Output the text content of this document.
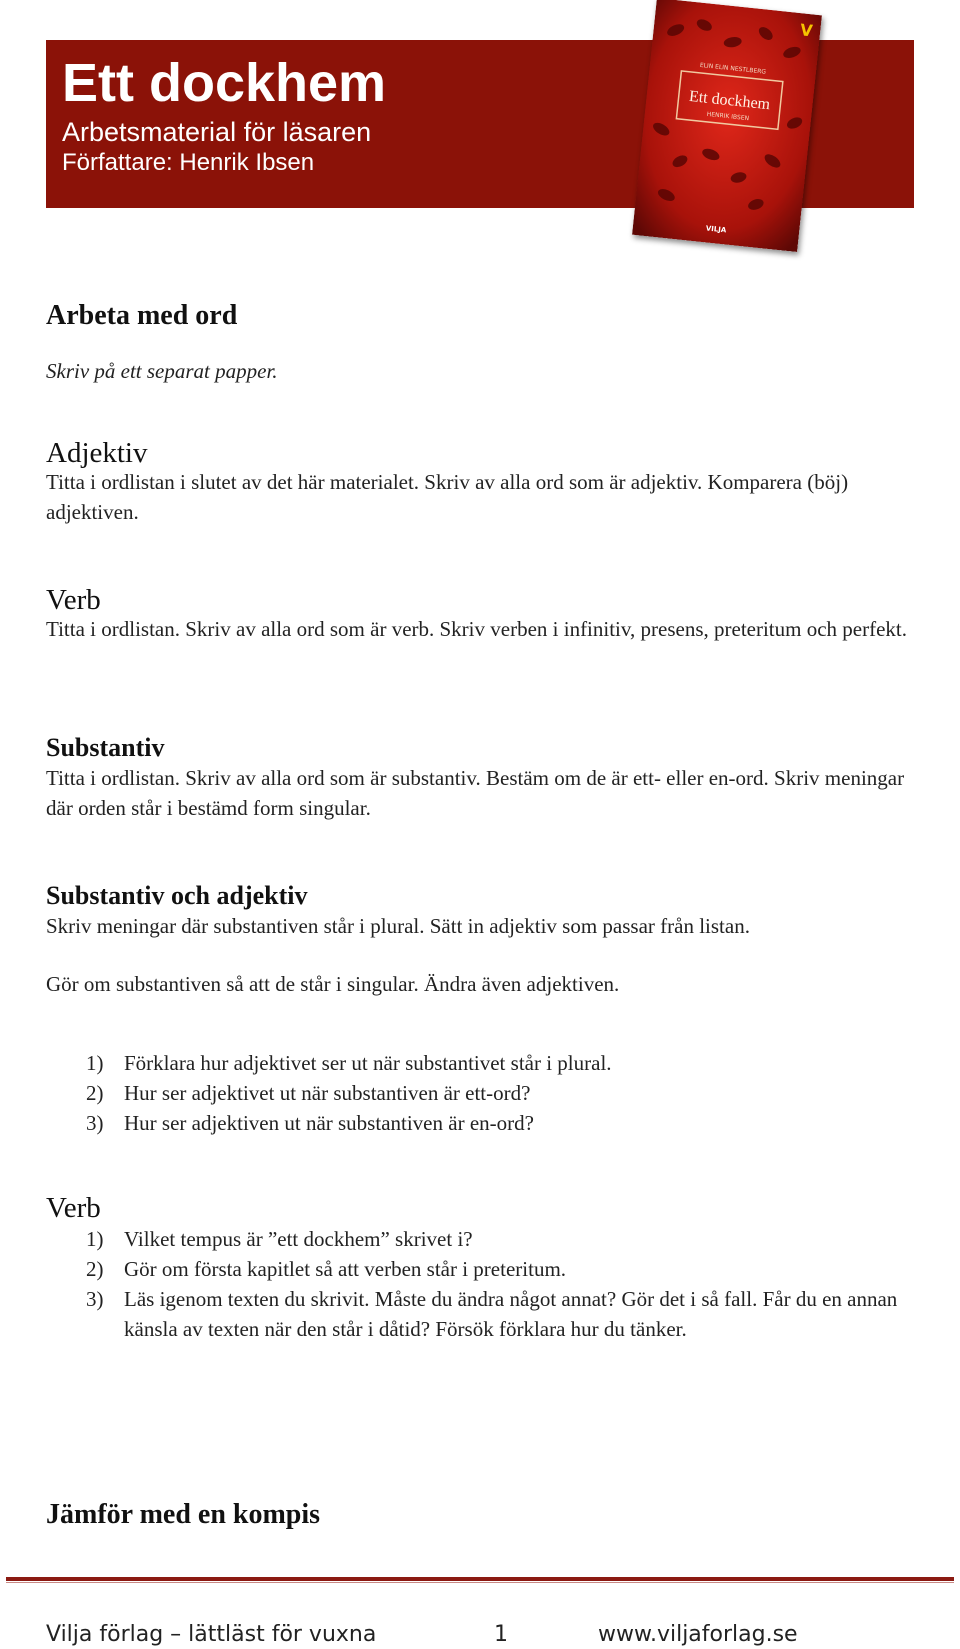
Ett dockhem
Arbetsmaterial för läsaren
Författare: Henrik Ibsen
ELIN ELIN NESTLBERG
Ett dockhem
HENRIK IBSEN
VILJA
V
Arbeta med ord

Skriv på ett separat papper.

Adjektiv

Titta i ordlistan i slutet av det här materialet. Skriv av alla ord som är adjektiv. Komparera (böj) adjektiven.

Verb

Titta i ordlistan. Skriv av alla ord som är verb. Skriv verben i infinitiv, presens, preteritum och perfekt.

Substantiv

Titta i ordlistan. Skriv av alla ord som är substantiv. Bestäm om de är ett- eller en-ord. Skriv meningar där orden står i bestämd form singular.

Substantiv och adjektiv

Skriv meningar där substantiven står i plural. Sätt in adjektiv som passar från listan.

Gör om substantiven så att de står i singular. Ändra även adjektiven.

1) Förklara hur adjektivet ser ut när substantivet står i plural.
2) Hur ser adjektivet ut när substantiven är ett-ord?
3) Hur ser adjektiven ut när substantiven är en-ord?
Verb
1) Vilket tempus är ”ett dockhem” skrivet i?
2) Gör om första kapitlet så att verben står i preteritum.
3) Läs igenom texten du skrivit. Måste du ändra något annat? Gör det i så fall. Får du en annan känsla av texten när den står i dåtid? Försök förklara hur du tänker.
Jämför med en kompis
Vilja förlag – lättläst för vuxna	1	www.viljaforlag.se
